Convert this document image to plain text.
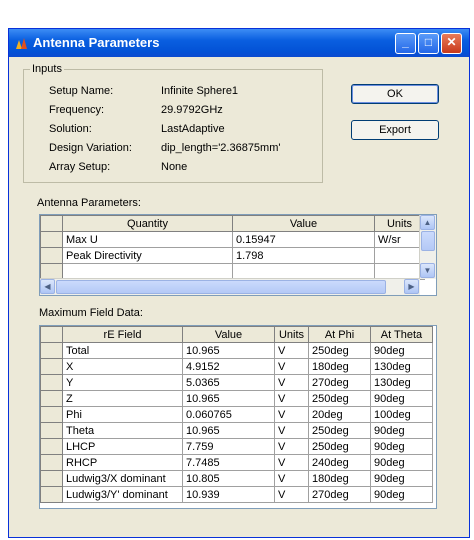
Antenna Parameters	_	□	✕
Inputs
Setup Name:	Infinite Sphere1
Frequency:	29.9792GHz
Solution:	LastAdaptive
Design Variation:	dip_length='2.36875mm'
Array Setup:	None
OK
Export
Antenna Parameters:
	Quantity	Value	Units
	Max U	0.15947	W/sr
	Peak Directivity	1.798	

▲
▼
◀	▶
Maximum Field Data:
	rE Field	Value	Units	At Phi	At Theta
	Total	10.965	V	250deg	90deg
	X	4.9152	V	180deg	130deg
	Y	5.0365	V	270deg	130deg
	Z	10.965	V	250deg	90deg
	Phi	0.060765	V	20deg	100deg
	Theta	10.965	V	250deg	90deg
	LHCP	7.759	V	250deg	90deg
	RHCP	7.7485	V	240deg	90deg
	Ludwig3/X dominant	10.805	V	180deg	90deg
	Ludwig3/Y' dominant	10.939	V	270deg	90deg
